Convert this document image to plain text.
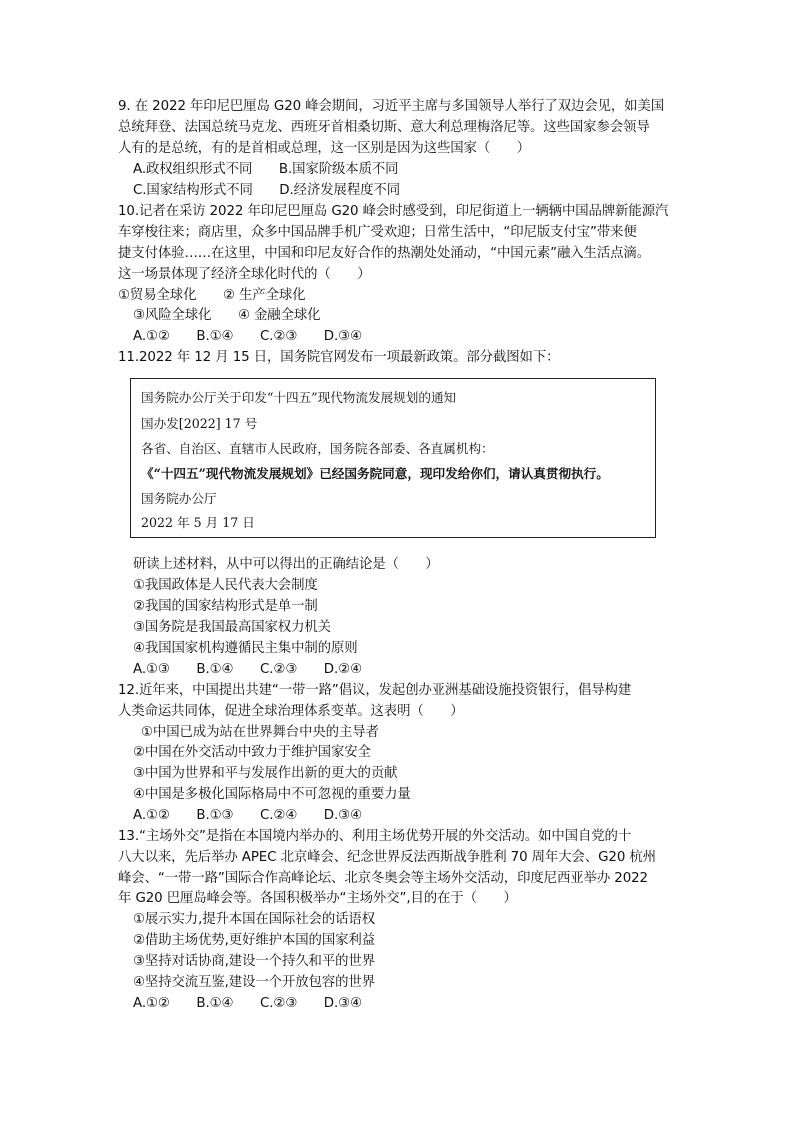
9. 在 2022 年印尼巴厘岛 G20 峰会期间，习近平主席与多国领导人举行了双边会见，如美国
总统拜登、法国总统马克龙、西班牙首相桑切斯、意大利总理梅洛尼等。这些国家参会领导
人有的是总统，有的是首相或总理，这一区别是因为这些国家（　　）
A.政权组织形式不同　　B.国家阶级本质不同
C.国家结构形式不同　　D.经济发展程度不同
10.记者在采访 2022 年印尼巴厘岛 G20 峰会时感受到，印尼街道上一辆辆中国品牌新能源汽
车穿梭往来；商店里，众多中国品牌手机广受欢迎；日常生活中，“印尼版支付宝”带来便
捷支付体验……在这里，中国和印尼友好合作的热潮处处涌动，“中国元素”融入生活点滴。
这一场景体现了经济全球化时代的（　　）
①贸易全球化　　② 生产全球化
③风险全球化　　④ 金融全球化
A.①②　　B.①④　　C.②③　　D.③④
11.2022 年 12 月 15 日，国务院官网发布一项最新政策。部分截图如下：
国务院办公厅关于印发“十四五”现代物流发展规划的通知
国办发[2022] 17 号
各省、自治区、直辖市人民政府，国务院各部委、各直属机构：
《“十四五”现代物流发展规划》已经国务院同意，现印发给你们，请认真贯彻执行。
国务院办公厅
2022 年 5 月 17 日
研读上述材料，从中可以得出的正确结论是（　　）
①我国政体是人民代表大会制度
②我国的国家结构形式是单一制
③国务院是我国最高国家权力机关
④我国国家机构遵循民主集中制的原则
A.①③　　B.①④　　C.②③　　D.②④
12.近年来，中国提出共建“一带一路”倡议，发起创办亚洲基础设施投资银行，倡导构建
人类命运共同体，促进全球治理体系变革。这表明（　　）
①中国已成为站在世界舞台中央的主导者
②中国在外交活动中致力于维护国家安全
③中国为世界和平与发展作出新的更大的贡献
④中国是多极化国际格局中不可忽视的重要力量
A.①②　　B.①③　　C.②④　　D.③④
13.“主场外交”是指在本国境内举办的、利用主场优势开展的外交活动。如中国自党的十
八大以来，先后举办 APEC 北京峰会、纪念世界反法西斯战争胜利 70 周年大会、G20 杭州
峰会、“一带一路”国际合作高峰论坛、北京冬奥会等主场外交活动，印度尼西亚举办 2022
年 G20 巴厘岛峰会等。各国积极举办“主场外交”,目的在于（　　）
①展示实力,提升本国在国际社会的话语权
②借助主场优势,更好维护本国的国家利益
③坚持对话协商,建设一个持久和平的世界
④坚持交流互鉴,建设一个开放包容的世界
A.①②　　B.①④　　C.②③　　D.③④
